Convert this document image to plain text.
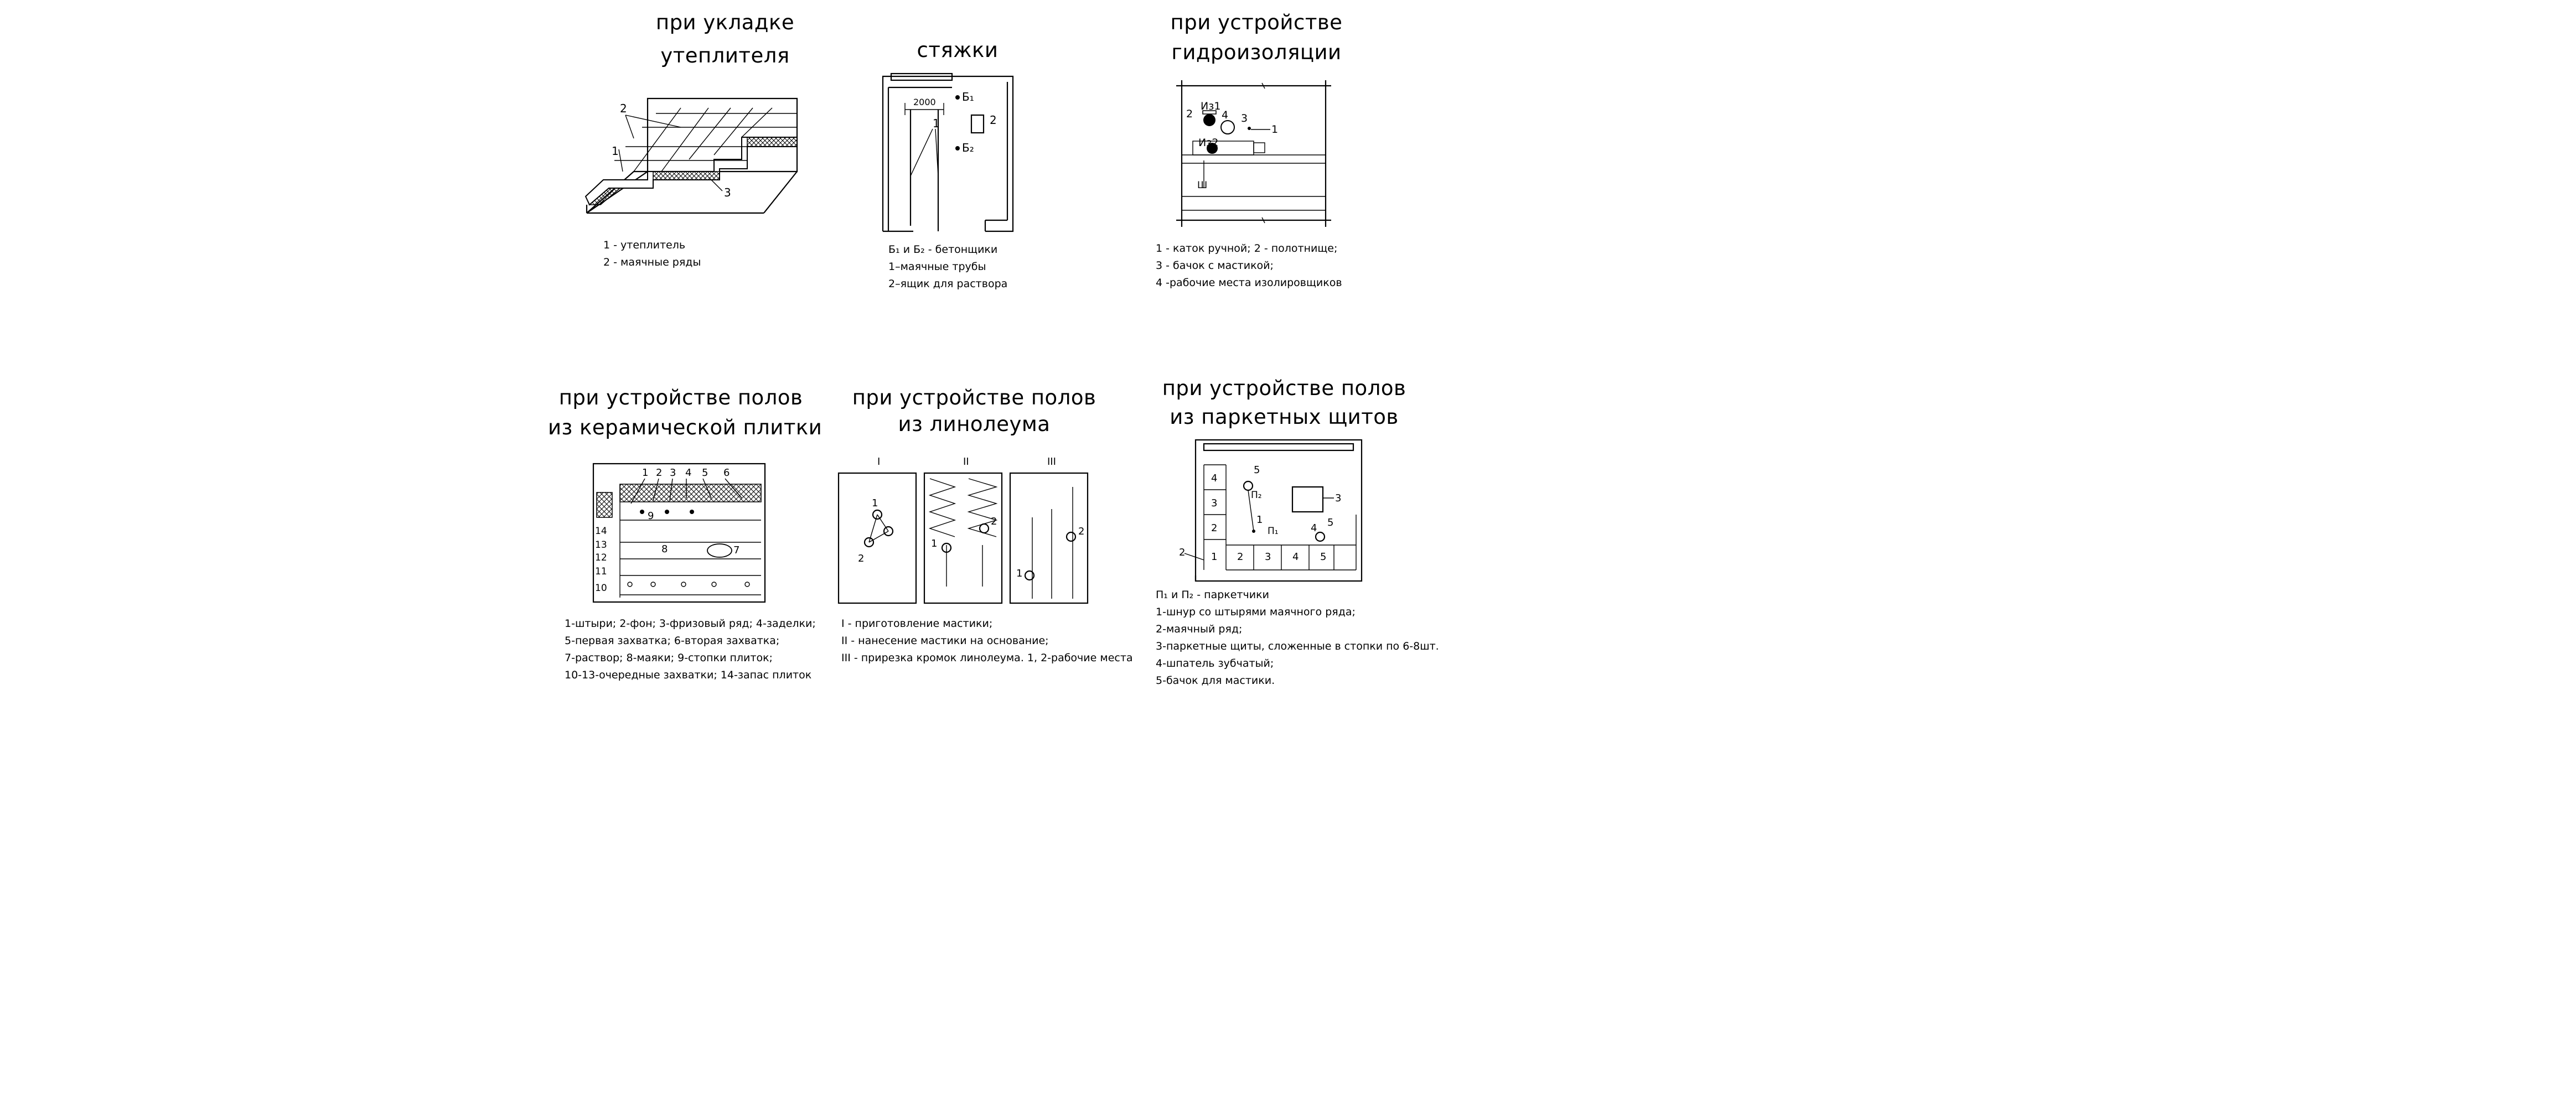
при укладке
утеплителя
2
1
3
1 - утеплитель
2 - маячные ряды
стяжки
2000 Б₁
Б₂
2
1
Б₁ и Б₂ - бетонщики
1–маячные трубы
2–ящик для раствора
при устройстве
гидроизоляции
Из1
Из2
2	4 3
1
Ш
1 - каток ручной; 2 - полотнище;
3 - бачок с мастикой;
4 -рабочие места изолировщиков
при устройстве полов
из керамической плитки
1 2 3 4 5 6
9
8	7
14
13
12
11
10
1-штыри; 2-фон; 3-фризовый ряд; 4-заделки;
5-первая захватка; 6-вторая захватка;
7-раствор; 8-маяки; 9-стопки плиток;
10-13-очередные захватки; 14-запас плиток
при устройстве полов
из линолеума
I	II	III
1
2
1
2
1
2
I - приготовление мастики;
II - нанесение мастики на основание;
III - прирезка кромок линолеума. 1, 2-рабочие места
при устройстве полов
из паркетных щитов
4
3
2
1 2 3 4 5
5
П₂
1
П₁
3
4 5
2
П₁ и П₂ - паркетчики
1-шнур со штырями маячного ряда;
2-маячный ряд;
3-паркетные щиты, сложенные в стопки по 6-8шт.
4-шпатель зубчатый;
5-бачок для мастики.
